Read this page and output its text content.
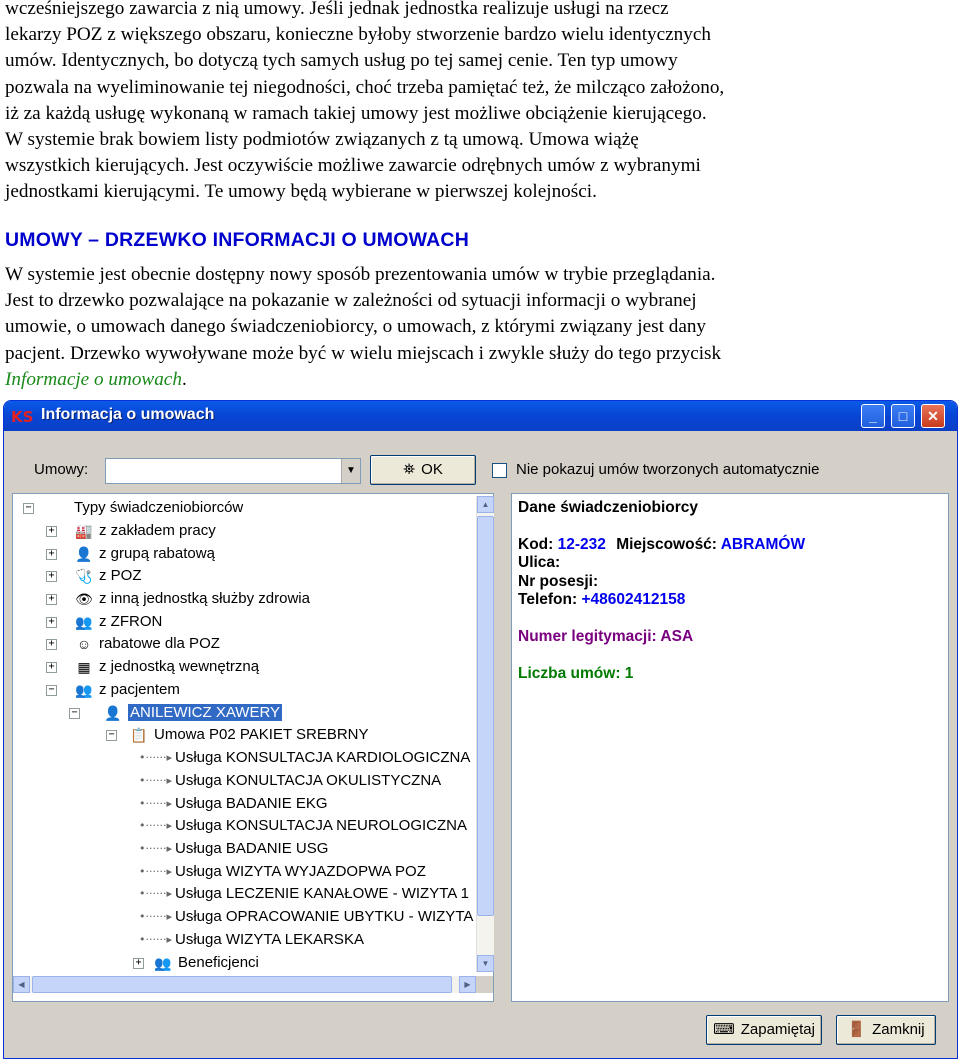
wcześniejszego zawarcia z nią umowy. Jeśli jednak jednostka realizuje usługi na rzecz
lekarzy POZ z większego obszaru, konieczne byłoby stworzenie bardzo wielu identycznych
umów. Identycznych, bo dotyczą tych samych usług po tej samej cenie. Ten typ umowy
pozwala na wyeliminowanie tej niegodności, choć trzeba pamiętać też, że milcząco założono,
iż za każdą usługę wykonaną w ramach takiej umowy jest możliwe obciążenie kierującego.
W systemie brak bowiem listy podmiotów związanych z tą umową. Umowa wiążę
wszystkich kierujących. Jest oczywiście możliwe zawarcie odrębnych umów z wybranymi
jednostkami kierującymi. Te umowy będą wybierane w pierwszej kolejności.

UMOWY – DRZEWKO INFORMACJI O UMOWACH

W systemie jest obecnie dostępny nowy sposób prezentowania umów w trybie przeglądania.
Jest to drzewko pozwalające na pokazanie w zależności od sytuacji informacji o wybranej
umowie, o umowach danego świadczeniobiorcy, o umowach, z którymi związany jest dany
pacjent. Drzewko wywoływane może być w wielu miejscach i zwykle służy do tego przycisk
Informacje o umowach.

KS Informacja o umowach	_	□	✕
Umowy:	▼	⛯ OK	Nie pokazuj umów tworzonych automatycznie
−	Typy świadczeniobiorców
+ 🏭 z zakładem pracy
+ 👤 z grupą rabatową
+ 🩺 z POZ
+ 👁 z inną jednostką służby zdrowia
+ 👥 z ZFRON
+ ☺ rabatowe dla POZ
+ ▦ z jednostką wewnętrzną
− 👥 z pacjentem
− 👤 ANILEWICZ XAWERY
− 📋 Umowa P02 PAKIET SREBRNY
•······▸ Usługa KONSULTACJA KARDIOLOGICZNA
•······▸ Usługa KONULTACJA OKULISTYCZNA
•······▸ Usługa BADANIE EKG
•······▸ Usługa KONSULTACJA NEUROLOGICZNA
•······▸ Usługa BADANIE USG
•······▸ Usługa WIZYTA WYJAZDOPWA POZ
•······▸ Usługa LECZENIE KANAŁOWE - WIZYTA 1
•······▸ Usługa OPRACOWANIE UBYTKU - WIZYTA
•······▸ Usługa WIZYTA LEKARSKA
+ 👥 Beneficjenci
▲
▼
◀	▶
Dane świadczeniobiorcy
Kod: 12-232 Miejscowość: ABRAMÓW
Ulica:
Nr posesji:
Telefon: +48602412158
Numer legitymacji: ASA
Liczba umów: 1
⌨ Zapamiętaj	🚪 Zamknij
